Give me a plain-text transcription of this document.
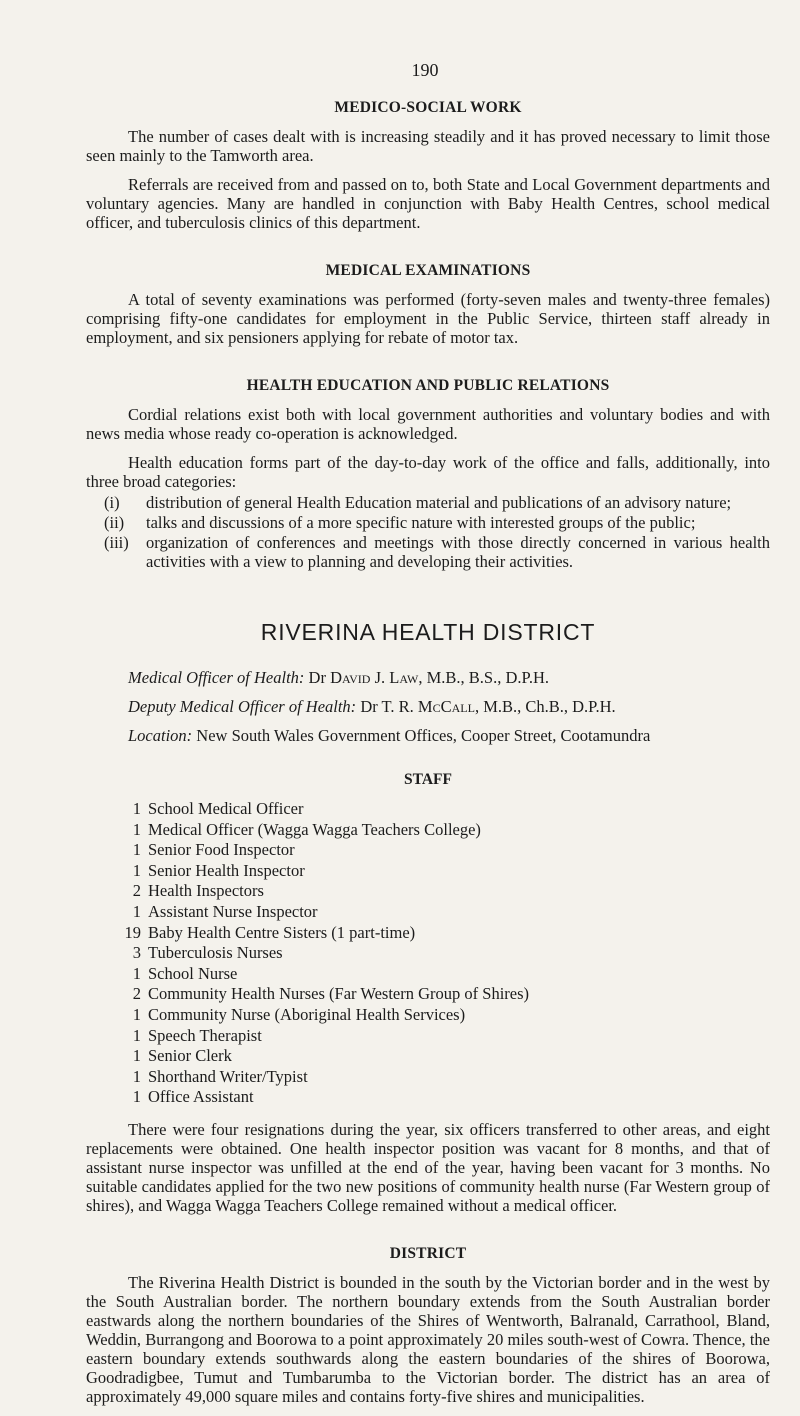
190
MEDICO-SOCIAL WORK

The number of cases dealt with is increasing steadily and it has proved necessary to limit those seen mainly to the Tamworth area.

Referrals are received from and passed on to, both State and Local Government departments and voluntary agencies. Many are handled in conjunction with Baby Health Centres, school medical officer, and tuberculosis clinics of this department.

MEDICAL EXAMINATIONS

A total of seventy examinations was performed (forty-seven males and twenty-three females) comprising fifty-one candidates for employment in the Public Service, thirteen staff already in employment, and six pensioners applying for rebate of motor tax.

HEALTH EDUCATION AND PUBLIC RELATIONS

Cordial relations exist both with local government authorities and voluntary bodies and with news media whose ready co-operation is acknowledged.

Health education forms part of the day-to-day work of the office and falls, additionally, into three broad categories:

(i) distribution of general Health Education material and publications of an advisory nature;
(ii) talks and discussions of a more specific nature with interested groups of the public;
(iii) organization of conferences and meetings with those directly concerned in various health activities with a view to planning and developing their activities.
RIVERINA HEALTH DISTRICT
Medical Officer of Health: Dr David J. Law, M.B., B.S., D.P.H.
Deputy Medical Officer of Health: Dr T. R. McCall, M.B., Ch.B., D.P.H.
Location: New South Wales Government Offices, Cooper Street, Cootamundra
STAFF
1 School Medical Officer
1 Medical Officer (Wagga Wagga Teachers College)
1 Senior Food Inspector
1 Senior Health Inspector
2 Health Inspectors
1 Assistant Nurse Inspector
19 Baby Health Centre Sisters (1 part-time)
3 Tuberculosis Nurses
1 School Nurse
2 Community Health Nurses (Far Western Group of Shires)
1 Community Nurse (Aboriginal Health Services)
1 Speech Therapist
1 Senior Clerk
1 Shorthand Writer/Typist
1 Office Assistant

There were four resignations during the year, six officers transferred to other areas, and eight replacements were obtained. One health inspector position was vacant for 8 months, and that of assistant nurse inspector was unfilled at the end of the year, having been vacant for 3 months. No suitable candidates applied for the two new positions of community health nurse (Far Western group of shires), and Wagga Wagga Teachers College remained without a medical officer.

DISTRICT

The Riverina Health District is bounded in the south by the Victorian border and in the west by the South Australian border. The northern boundary extends from the South Australian border eastwards along the northern boundaries of the Shires of Wentworth, Balranald, Carrathool, Bland, Weddin, Burrangong and Boorowa to a point approximately 20 miles south-west of Cowra. Thence, the eastern boundary extends southwards along the eastern boundaries of the shires of Boorowa, Goodradigbee, Tumut and Tumbarumba to the Victorian border. The district has an area of approximately 49,000 square miles and contains forty-five shires and municipalities.
